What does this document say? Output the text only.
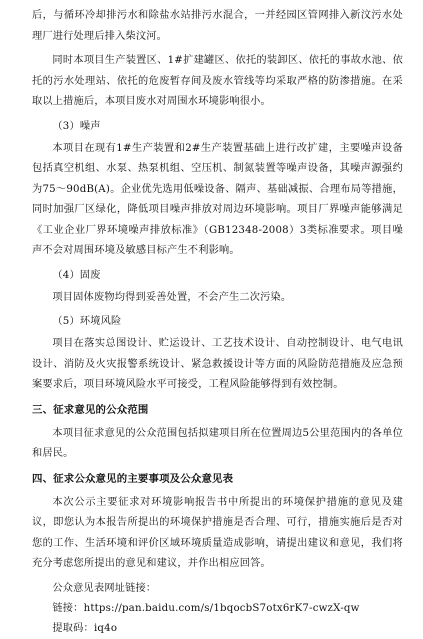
后，与循环冷却排污水和除盐水站排污水混合，一并经园区管网排入新汶污水处理厂进行处理后排入柴汶河。

同时本项目生产装置区、1#扩建罐区、依托的装卸区、依托的事故水池、依托的污水处理站、依托的危废暂存间及废水管线等均采取严格的防渗措施。在采取以上措施后，本项目废水对周围水环境影响很小。

（3）噪声

本项目在现有1#生产装置和2#生产装置基础上进行改扩建，主要噪声设备包括真空机组、水泵、热泵机组、空压机、制氮装置等噪声设备，其噪声源强约为75～90dB(A)。企业优先选用低噪设备、隔声、基础减振、合理布局等措施，同时加强厂区绿化，降低项目噪声排放对周边环境影响。项目厂界噪声能够满足《工业企业厂界环境噪声排放标准》（GB12348-2008）3类标准要求。项目噪声不会对周围环境及敏感目标产生不利影响。

（4）固废

项目固体废物均得到妥善处置，不会产生二次污染。

（5）环境风险

项目在落实总图设计、贮运设计、工艺技术设计、自动控制设计、电气电讯设计、消防及火灾报警系统设计、紧急救援设计等方面的风险防范措施及应急预案要求后，项目环境风险水平可接受，工程风险能够得到有效控制。

三、征求意见的公众范围

本项目征求意见的公众范围包括拟建项目所在位置周边5公里范围内的各单位和居民。

四、征求公众意见的主要事项及公众意见表

本次公示主要征求对环境影响报告书中所提出的环境保护措施的意见及建议，即您认为本报告所提出的环境保护措施是否合理、可行，措施实施后是否对您的工作、生活环境和评价区域环境质量造成影响，请提出建议和意见，我们将充分考虑您所提出的意见和建议，并作出相应回答。

公众意见表网址链接：

链接：https://pan.baidu.com/s/1bqocbS7otx6rK7-cwzX-qw

提取码：iq4o
